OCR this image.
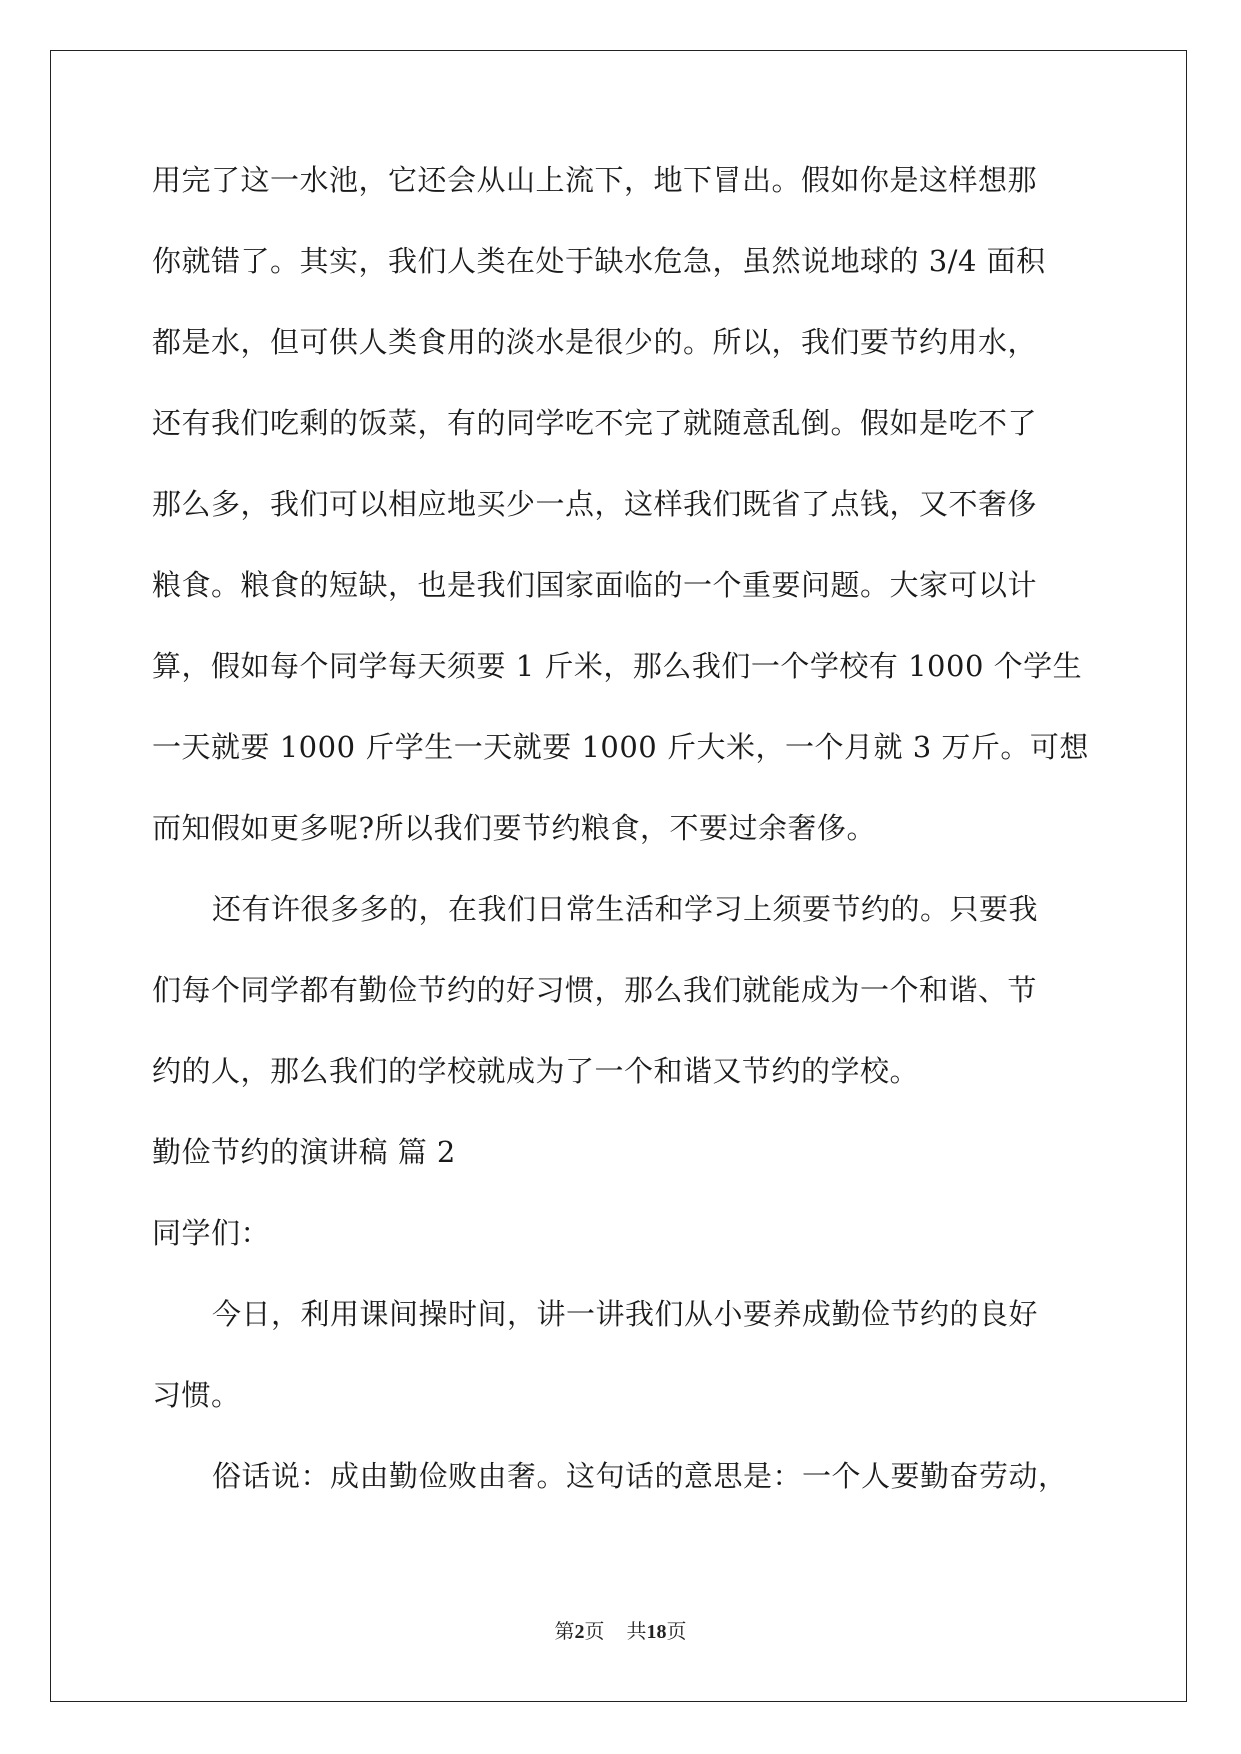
用完了这一水池，它还会从山上流下，地下冒出。假如你是这样想那
你就错了。其实，我们人类在处于缺水危急，虽然说地球的 3/4 面积
都是水，但可供人类食用的淡水是很少的。所以，我们要节约用水，
还有我们吃剩的饭菜，有的同学吃不完了就随意乱倒。假如是吃不了
那么多，我们可以相应地买少一点，这样我们既省了点钱，又不奢侈
粮食。粮食的短缺，也是我们国家面临的一个重要问题。大家可以计
算，假如每个同学每天须要 1 斤米，那么我们一个学校有 1000 个学生
一天就要 1000 斤学生一天就要 1000 斤大米，一个月就 3 万斤。可想
而知假如更多呢?所以我们要节约粮食，不要过余奢侈。
还有许很多多的，在我们日常生活和学习上须要节约的。只要我
们每个同学都有勤俭节约的好习惯，那么我们就能成为一个和谐、节
约的人，那么我们的学校就成为了一个和谐又节约的学校。
勤俭节约的演讲稿 篇 2
同学们：
今日，利用课间操时间，讲一讲我们从小要养成勤俭节约的良好
习惯。
俗话说：成由勤俭败由奢。这句话的意思是：一个人要勤奋劳动，
第2页 共18页
